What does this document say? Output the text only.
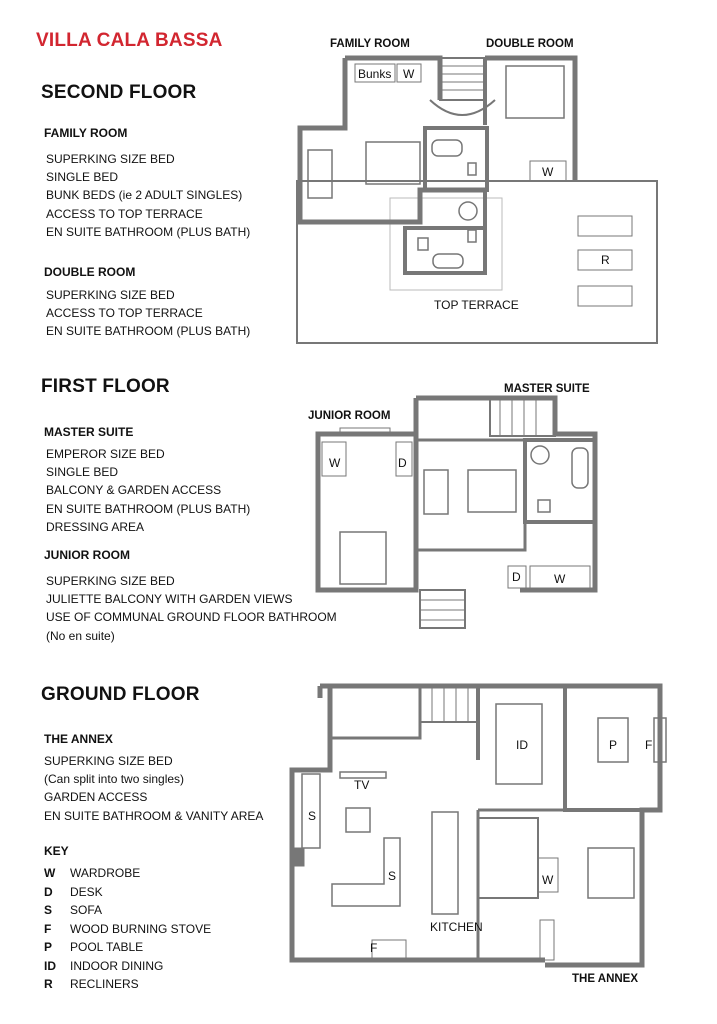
VILLA CALA BASSA
SECOND FLOOR
FAMILY ROOM
SUPERKING SIZE BED
SINGLE BED
BUNK BEDS (ie 2 ADULT SINGLES)
ACCESS TO TOP TERRACE
EN SUITE BATHROOM (PLUS BATH)
DOUBLE ROOM
SUPERKING SIZE BED
ACCESS TO TOP TERRACE
EN SUITE BATHROOM (PLUS BATH)
FIRST FLOOR
MASTER SUITE
EMPEROR SIZE BED
SINGLE BED
BALCONY & GARDEN ACCESS
EN SUITE BATHROOM (PLUS BATH)
DRESSING AREA
JUNIOR ROOM
SUPERKING SIZE BED
JULIETTE BALCONY WITH GARDEN VIEWS
USE OF COMMUNAL GROUND FLOOR BATHROOM
(No en suite)
GROUND FLOOR
THE ANNEX
SUPERKING SIZE BED
(Can split into two singles)
GARDEN ACCESS
EN SUITE BATHROOM & VANITY AREA
KEY
W WARDROBE
D DESK
S SOFA
F WOOD BURNING STOVE
P POOL TABLE
ID INDOOR DINING
R RECLINERS
FAMILY ROOM	DOUBLE ROOM
Bunks W
W
R
TOP TERRACE
MASTER SUITE
JUNIOR ROOM
W	D
D	W
ID	P F
TV
S
S	W
KITCHEN
F
THE ANNEX
